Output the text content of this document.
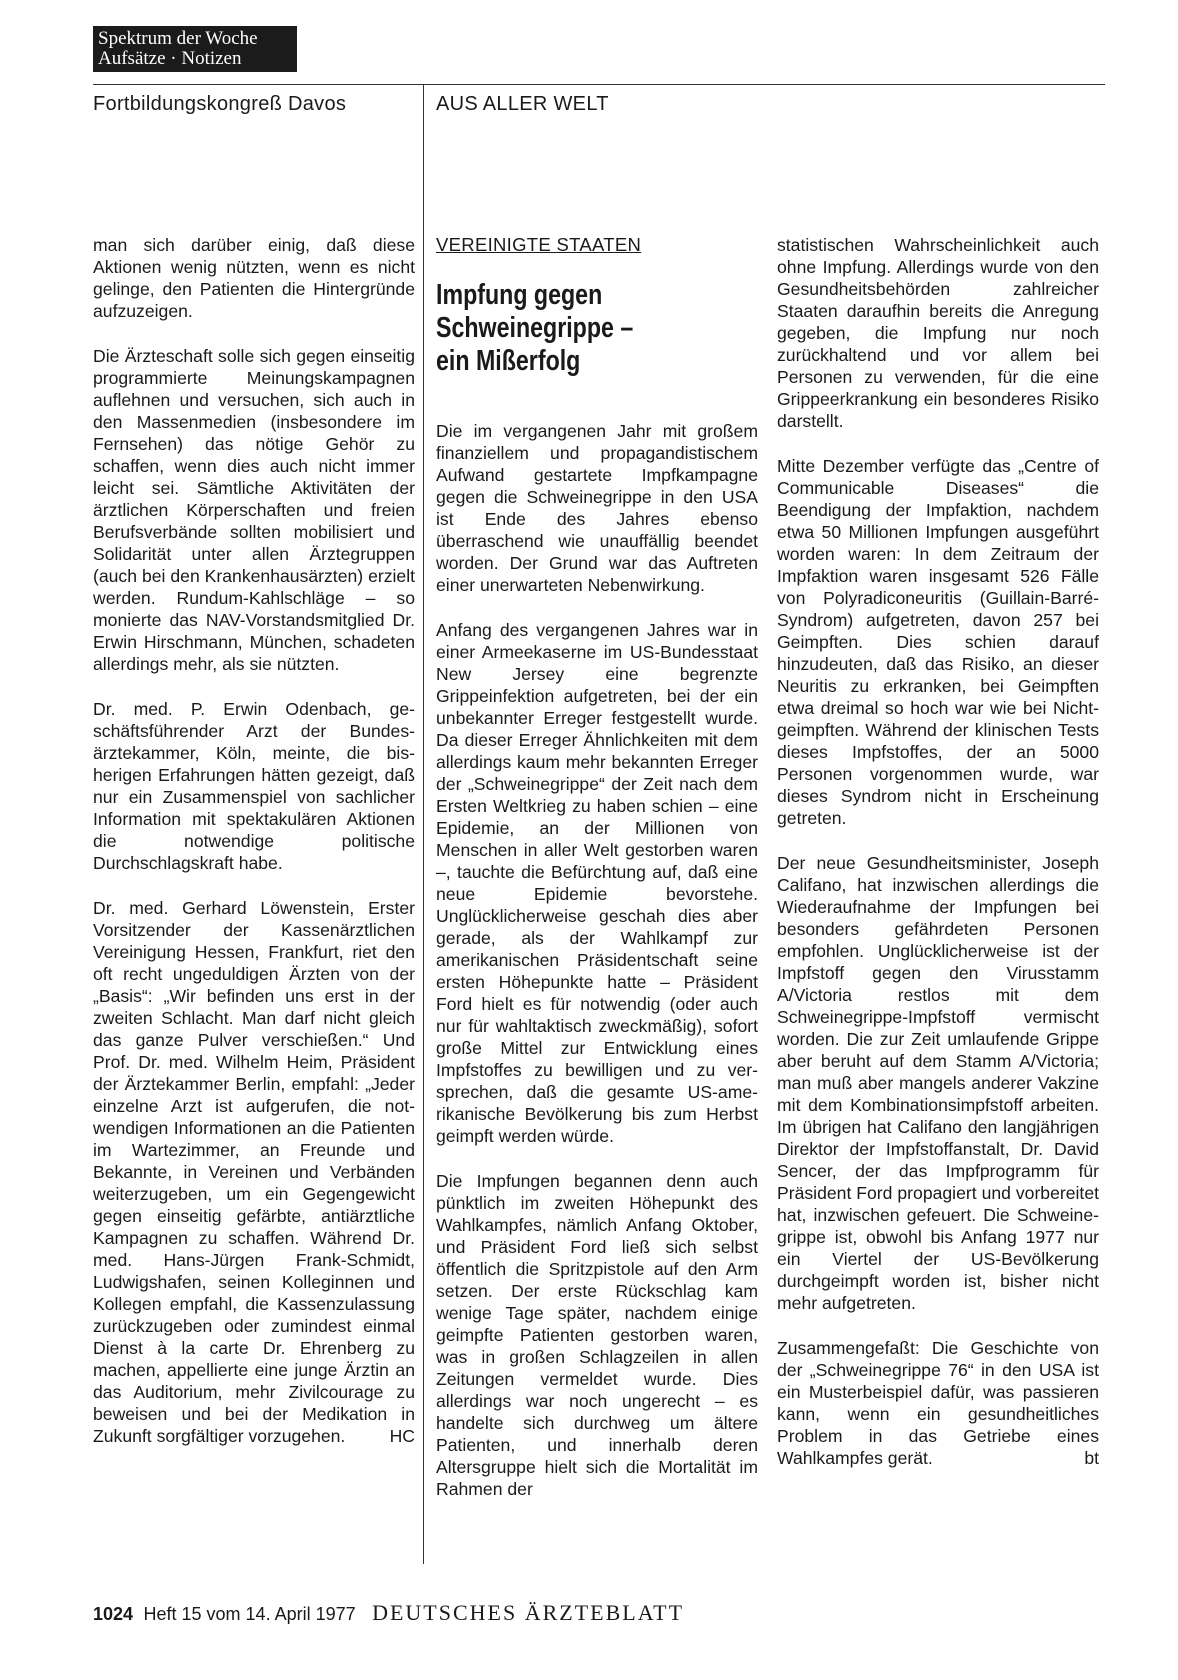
Spektrum der Woche
Aufsätze · Notizen
Fortbildungskongreß Davos	AUS ALLER WELT

man sich darüber einig, daß diese Aktionen wenig nützten, wenn es nicht gelinge, den Patienten die Hintergründe aufzuzeigen.

Die Ärzteschaft solle sich gegen einseitig programmierte Meinungskampagnen auflehnen und versuchen, sich auch in den Massenmedien (insbesondere im Fernsehen) das nötige Gehör zu schaffen, wenn dies auch nicht immer leicht sei. Sämtliche Aktivitäten der ärztlichen Körperschaften und freien Berufsverbände sollten mobilisiert und Solidarität unter allen Ärztegruppen (auch bei den Krankenhausärzten) erzielt werden. Rundum-Kahlschläge – so monierte das NAV-Vorstandsmitglied Dr. Erwin Hirschmann, München, schadeten allerdings mehr, als sie nützten.

Dr. med. P. Erwin Odenbach, geschäftsführender Arzt der Bundesärztekammer, Köln, meinte, die bisherigen Erfahrungen hätten gezeigt, daß nur ein Zusammenspiel von sachlicher Information mit spektakulären Aktionen die notwendige politische Durchschlagskraft habe.

Dr. med. Gerhard Löwenstein, Erster Vorsitzender der Kassenärztlichen Vereinigung Hessen, Frankfurt, riet den oft recht ungeduldigen Ärzten von der „Basis“: „Wir befinden uns erst in der zweiten Schlacht. Man darf nicht gleich das ganze Pulver verschießen.“ Und Prof. Dr. med. Wilhelm Heim, Präsident der Ärztekammer Berlin, empfahl: „Jeder einzelne Arzt ist aufgerufen, die notwendigen Informationen an die Patienten im Wartezimmer, an Freunde und Bekannte, in Vereinen und Verbänden weiterzugeben, um ein Gegengewicht gegen einseitig gefärbte, antiärztliche Kampagnen zu schaffen. Während Dr. med. Hans-Jürgen Frank-Schmidt, Ludwigshafen, seinen Kolleginnen und Kollegen empfahl, die Kassenzulassung zurückzugeben oder zumindest einmal Dienst à la carte Dr. Ehrenberg zu machen, appellierte eine junge Ärztin an das Auditorium, mehr Zivilcourage zu beweisen und bei der Medikation in Zukunft sorgfältiger vorzugehen.	HC

VEREINIGTE STAATEN
Impfung gegen
Schweinegrippe –
ein Mißerfolg

Die im vergangenen Jahr mit großem finanziellem und propagandistischem Aufwand gestartete Impfkampagne gegen die Schweinegrippe in den USA ist Ende des Jahres ebenso überraschend wie unauffällig beendet worden. Der Grund war das Auftreten einer unerwarteten Nebenwirkung.

Anfang des vergangenen Jahres war in einer Armeekaserne im US-Bundesstaat New Jersey eine begrenzte Grippeinfektion aufgetreten, bei der ein unbekannter Erreger festgestellt wurde. Da dieser Erreger Ähnlichkeiten mit dem allerdings kaum mehr bekannten Erreger der „Schweinegrippe“ der Zeit nach dem Ersten Weltkrieg zu haben schien – eine Epidemie, an der Millionen von Menschen in aller Welt gestorben waren –, tauchte die Befürchtung auf, daß eine neue Epidemie bevorstehe. Unglücklicherweise geschah dies aber gerade, als der Wahlkampf zur amerikanischen Präsidentschaft seine ersten Höhepunkte hatte – Präsident Ford hielt es für notwendig (oder auch nur für wahltaktisch zweckmäßig), sofort große Mittel zur Entwicklung eines Impfstoffes zu bewilligen und zu versprechen, daß die gesamte US-amerikanische Bevölkerung bis zum Herbst geimpft werden würde.

Die Impfungen begannen denn auch pünktlich im zweiten Höhepunkt des Wahlkampfes, nämlich Anfang Oktober, und Präsident Ford ließ sich selbst öffentlich die Spritzpistole auf den Arm setzen. Der erste Rückschlag kam wenige Tage später, nachdem einige geimpfte Patienten gestorben waren, was in großen Schlagzeilen in allen Zeitungen vermeldet wurde. Dies allerdings war noch ungerecht – es handelte sich durchweg um ältere Patienten, und innerhalb deren Altersgruppe hielt sich die Mortalität im Rahmen der

statistischen Wahrscheinlichkeit auch ohne Impfung. Allerdings wurde von den Gesundheitsbehörden zahlreicher Staaten daraufhin bereits die Anregung gegeben, die Impfung nur noch zurückhaltend und vor allem bei Personen zu verwenden, für die eine Grippeerkrankung ein besonderes Risiko darstellt.

Mitte Dezember verfügte das „Centre of Communicable Diseases“ die Beendigung der Impfaktion, nachdem etwa 50 Millionen Impfungen ausgeführt worden waren: In dem Zeitraum der Impfaktion waren insgesamt 526 Fälle von Polyradiconeuritis (Guillain-Barré-Syndrom) aufgetreten, davon 257 bei Geimpften. Dies schien darauf hinzudeuten, daß das Risiko, an dieser Neuritis zu erkranken, bei Geimpften etwa dreimal so hoch war wie bei Nichtgeimpften. Während der klinischen Tests dieses Impfstoffes, der an 5000 Personen vorgenommen wurde, war dieses Syndrom nicht in Erscheinung getreten.

Der neue Gesundheitsminister, Joseph Califano, hat inzwischen allerdings die Wiederaufnahme der Impfungen bei besonders gefährdeten Personen empfohlen. Unglücklicherweise ist der Impfstoff gegen den Virusstamm A/Victoria restlos mit dem Schweinegrippe-Impfstoff vermischt worden. Die zur Zeit umlaufende Grippe aber beruht auf dem Stamm A/Victoria; man muß aber mangels anderer Vakzine mit dem Kombinationsimpfstoff arbeiten. Im übrigen hat Califano den langjährigen Direktor der Impfstoffanstalt, Dr. David Sencer, der das Impfprogramm für Präsident Ford propagiert und vorbereitet hat, inzwischen gefeuert. Die Schweinegrippe ist, obwohl bis Anfang 1977 nur ein Viertel der US-Bevölkerung durchgeimpft worden ist, bisher nicht mehr aufgetreten.

Zusammengefaßt: Die Geschichte von der „Schweinegrippe 76“ in den USA ist ein Musterbeispiel dafür, was passieren kann, wenn ein gesundheitliches Problem in das Getriebe eines Wahlkampfes gerät.	bt

1024 Heft 15 vom 14. April 1977 DEUTSCHES ÄRZTEBLATT
